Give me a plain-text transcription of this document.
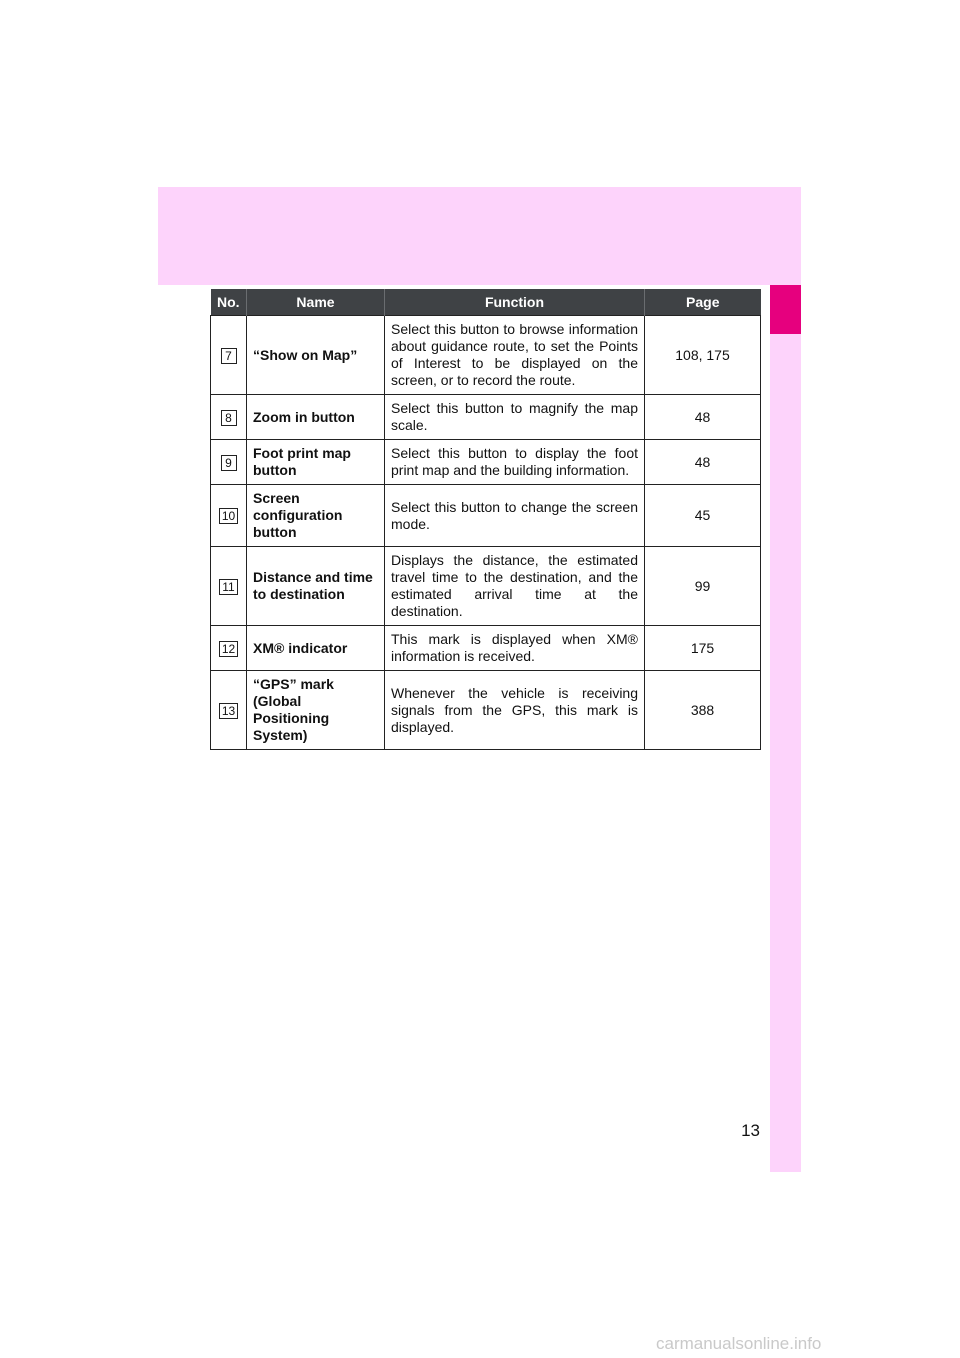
No.	Name	Function	Page
7	“Show on Map”	Select this button to browse information about guidance route, to set the Points of Interest to be displayed on the screen, or to record the route.	108, 175
8	Zoom in button	Select this button to magnify the map scale.	48
9	Foot print map button	Select this button to display the foot print map and the building information.	48
10	Screen configuration button	Select this button to change the screen mode.	45
11	Distance and time to destination	Displays the distance, the estimated travel time to the destination, and the estimated arrival time at the destination.	99
12	XM® indicator	This mark is displayed when XM® information is received.	175
13	“GPS” mark (Global Positioning System)	Whenever the vehicle is receiving signals from the GPS, this mark is displayed.	388
13
carmanualsonline.info
